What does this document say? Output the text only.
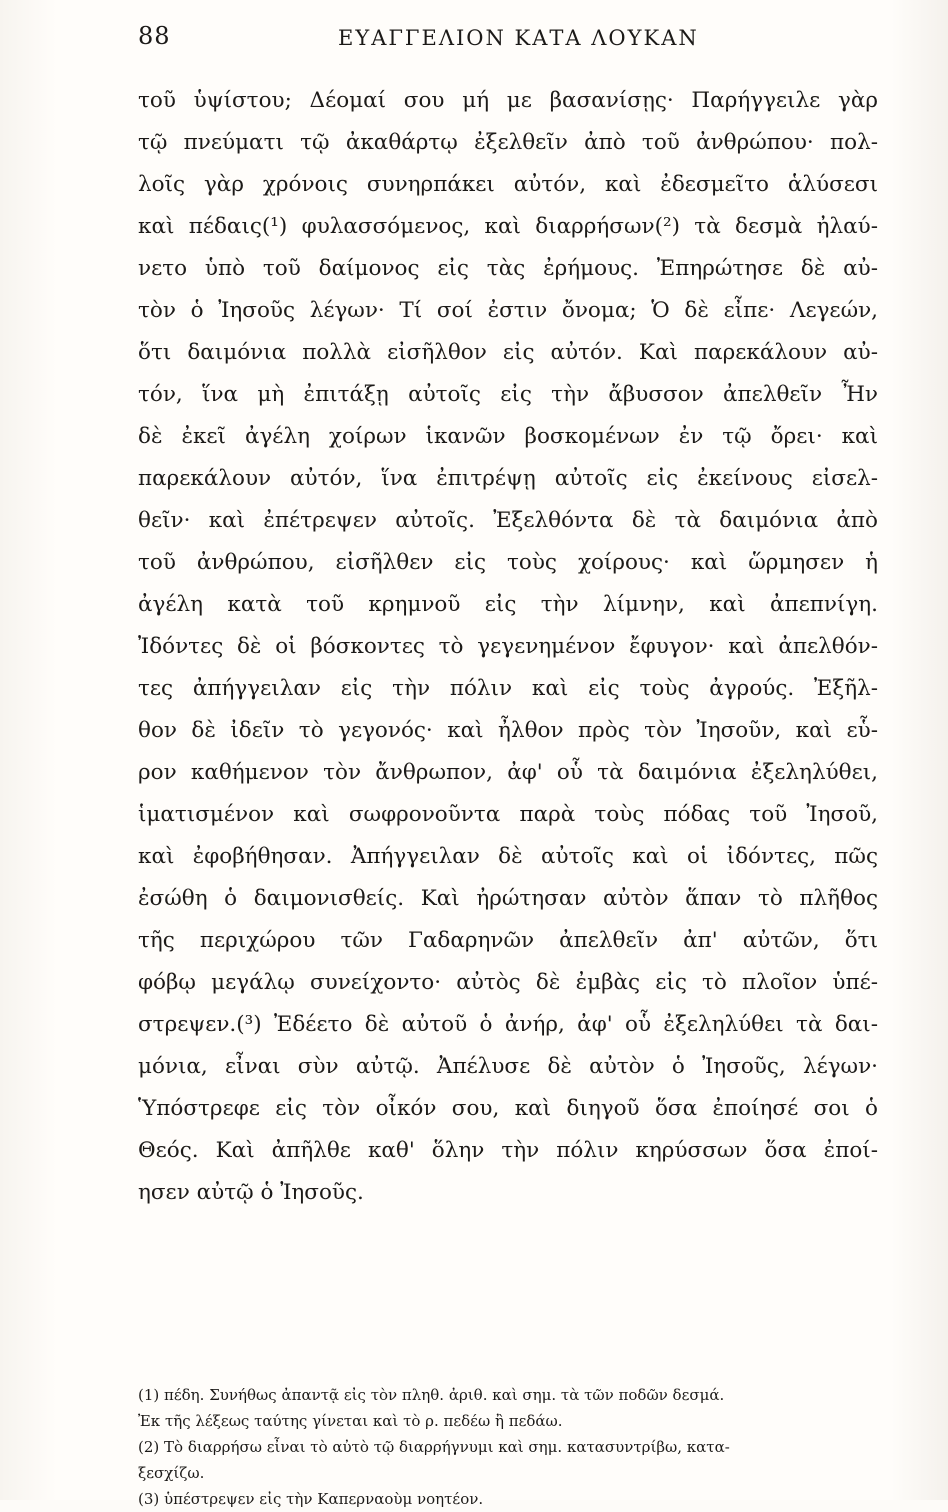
88	ΕΥΑΓΓΕΛΙΟΝ ΚΑΤΑ ΛΟΥΚΑΝ
τοῦ ὑψίστου; Δέομαί σου μή με βασανίσῃς· Παρήγγειλε γὰρ
τῷ πνεύματι τῷ ἀκαθάρτῳ ἐξελθεῖν ἀπὸ τοῦ ἀνθρώπου· πολ-
λοῖς γὰρ χρόνοις συνηρπάκει αὐτόν, καὶ ἐδεσμεῖτο ἁλύσεσι
καὶ πέδαις(¹) φυλασσόμενος, καὶ διαρρήσων(²) τὰ δεσμὰ ἠλαύ-
νετο ὑπὸ τοῦ δαίμονος εἰς τὰς ἐρήμους. Ἐπηρώτησε δὲ αὐ-
τὸν ὁ Ἰησοῦς λέγων· Τί σοί ἐστιν ὄνομα; Ὁ δὲ εἶπε· Λεγεών,
ὅτι δαιμόνια πολλὰ εἰσῆλθον εἰς αὐτόν. Καὶ παρεκάλουν αὐ-
τόν, ἵνα μὴ ἐπιτάξῃ αὐτοῖς εἰς τὴν ἄβυσσον ἀπελθεῖν Ἦν
δὲ ἐκεῖ ἀγέλη χοίρων ἱκανῶν βοσκομένων ἐν τῷ ὄρει· καὶ
παρεκάλουν αὐτόν, ἵνα ἐπιτρέψῃ αὐτοῖς εἰς ἐκείνους εἰσελ-
θεῖν· καὶ ἐπέτρεψεν αὐτοῖς. Ἐξελθόντα δὲ τὰ δαιμόνια ἀπὸ
τοῦ ἀνθρώπου, εἰσῆλθεν εἰς τοὺς χοίρους· καὶ ὥρμησεν ἡ
ἀγέλη κατὰ τοῦ κρημνοῦ εἰς τὴν λίμνην, καὶ ἀπεπνίγη.
Ἰδόντες δὲ οἱ βόσκοντες τὸ γεγενημένον ἔφυγον· καὶ ἀπελθόν-
τες ἀπήγγειλαν εἰς τὴν πόλιν καὶ εἰς τοὺς ἀγρούς. Ἐξῆλ-
θον δὲ ἰδεῖν τὸ γεγονός· καὶ ἦλθον πρὸς τὸν Ἰησοῦν, καὶ εὗ-
ρον καθήμενον τὸν ἄνθρωπον, ἀφ' οὗ τὰ δαιμόνια ἐξεληλύθει,
ἱματισμένον καὶ σωφρονοῦντα παρὰ τοὺς πόδας τοῦ Ἰησοῦ,
καὶ ἐφοβήθησαν. Ἀπήγγειλαν δὲ αὐτοῖς καὶ οἱ ἰδόντες, πῶς
ἐσώθη ὁ δαιμονισθείς. Καὶ ἠρώτησαν αὐτὸν ἅπαν τὸ πλῆθος
τῆς περιχώρου τῶν Γαδαρηνῶν ἀπελθεῖν ἀπ' αὐτῶν, ὅτι
φόβῳ μεγάλῳ συνείχοντο· αὐτὸς δὲ ἐμβὰς εἰς τὸ πλοῖον ὑπέ-
στρεψεν.(³) Ἐδέετο δὲ αὐτοῦ ὁ ἀνήρ, ἀφ' οὗ ἐξεληλύθει τὰ δαι-
μόνια, εἶναι σὺν αὐτῷ. Ἀπέλυσε δὲ αὐτὸν ὁ Ἰησοῦς, λέγων·
Ὑπόστρεφε εἰς τὸν οἶκόν σου, καὶ διηγοῦ ὅσα ἐποίησέ σοι ὁ
Θεός. Καὶ ἀπῆλθε καθ' ὅλην τὴν πόλιν κηρύσσων ὅσα ἐποί-
ησεν αὐτῷ ὁ Ἰησοῦς.
(1) πέδη. Συνήθως ἀπαντᾷ εἰς τὸν πληθ. ἀριθ. καὶ σημ. τὰ τῶν ποδῶν δεσμά.
Ἐκ τῆς λέξεως ταύτης γίνεται καὶ τὸ ρ. πεδέω ἢ πεδάω.
(2) Τὸ διαρρήσω εἶναι τὸ αὐτὸ τῷ διαρρήγνυμι καὶ σημ. κατασυντρίβω, κατα-
ξεσχίζω.
(3) ὑπέστρεψεν εἰς τὴν Καπερναοὺμ νοητέον.
